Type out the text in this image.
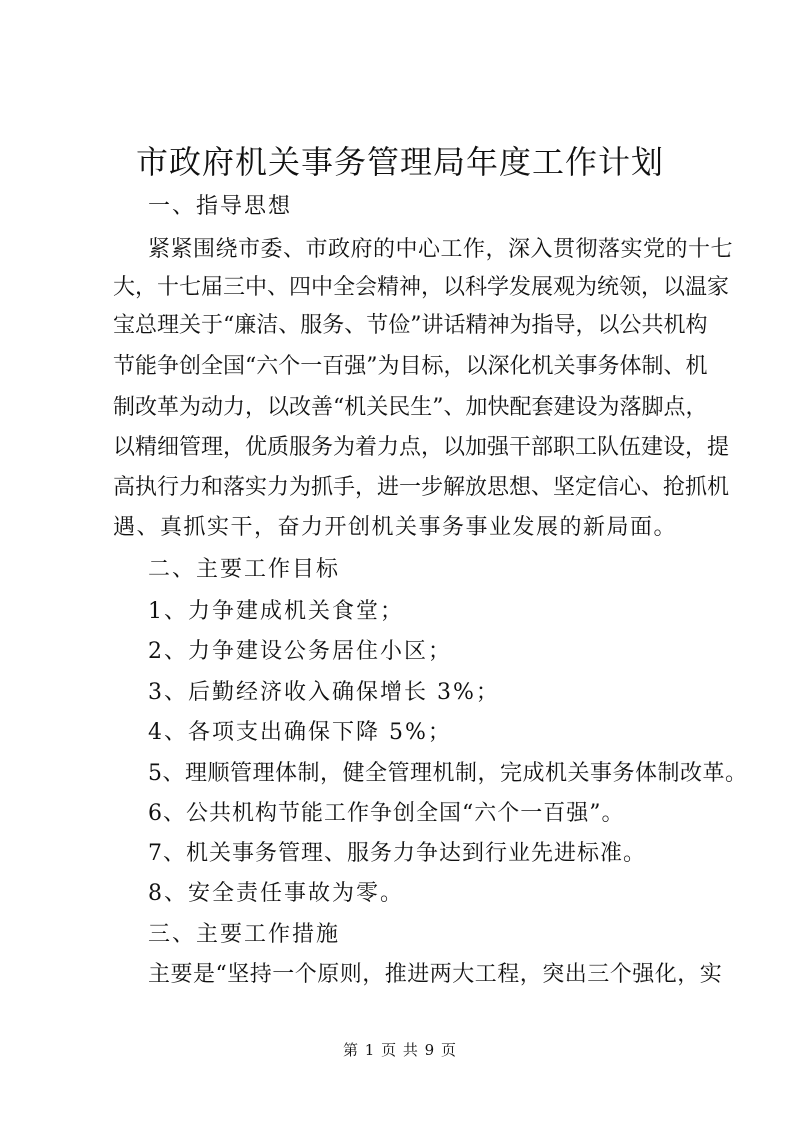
市政府机关事务管理局年度工作计划
一、指导思想
紧紧围绕市委、市政府的中心工作，深入贯彻落实党的十七
大，十七届三中、四中全会精神，以科学发展观为统领，以温家
宝总理关于“廉洁、服务、节俭”讲话精神为指导，以公共机构
节能争创全国“六个一百强”为目标，以深化机关事务体制、机
制改革为动力，以改善“机关民生”、加快配套建设为落脚点，
以精细管理，优质服务为着力点，以加强干部职工队伍建设，提
高执行力和落实力为抓手，进一步解放思想、坚定信心、抢抓机
遇、真抓实干，奋力开创机关事务事业发展的新局面。
二、主要工作目标
1、力争建成机关食堂；
2、力争建设公务居住小区；
3、后勤经济收入确保增长 3%；
4、各项支出确保下降 5%；
5、理顺管理体制，健全管理机制，完成机关事务体制改革。
6、公共机构节能工作争创全国“六个一百强”。
7、机关事务管理、服务力争达到行业先进标准。
8、安全责任事故为零。
三、主要工作措施
主要是“坚持一个原则，推进两大工程，突出三个强化，实
第 1 页 共 9 页
